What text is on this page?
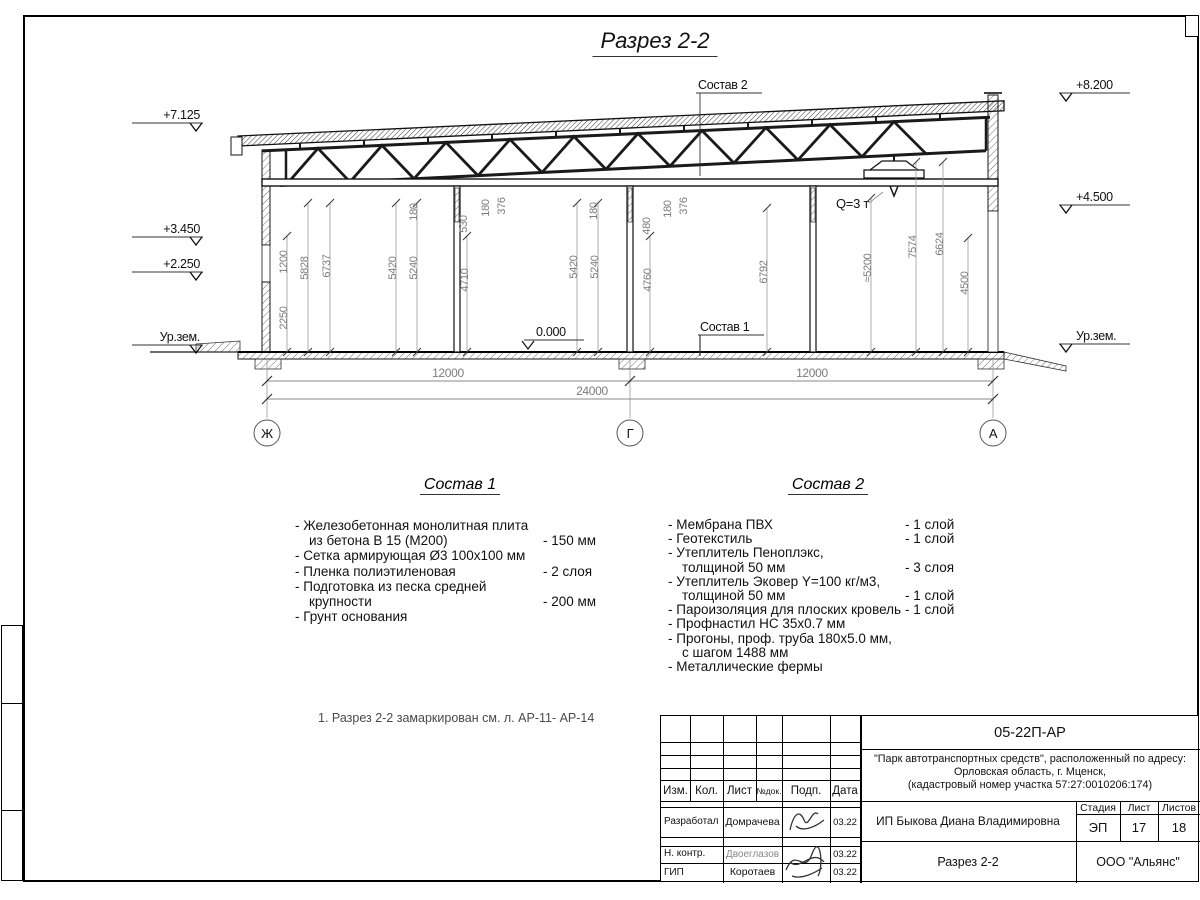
Разрез 2-2
Q=3 т
1200 5828 6737
2250
5420 5240
180
530
180 376
4710
5420 5240
180
480
180 376
4760	6792	≈5200
7574 6624
4500
12000	12000
24000
Ж	Г	А
+7.125
+3.450
+2.250
Ур.зем.
+8.200
+4.500
Ур.зем.
Состав 2
Состав 1
0.000
Состав 1
- Железобетонная монолитная плита
из бетона В 15 (М200)	- 150 мм
- Сетка армирующая Ø3 100х100 мм
- Пленка полиэтиленовая	- 2 слоя
- Подготовка из песка средней
крупности	- 200 мм
- Грунт основания
Состав 2
- Мембрана ПВХ	- 1 слой
- Геотекстиль	- 1 слой
- Утеплитель Пеноплэкс,
толщиной 50 мм	- 3 слоя
- Утеплитель Эковер Y=100 кг/м3,
толщиной 50 мм	- 1 слой
- Пароизоляция для плоских кровель - 1 слой
- Профнастил НС 35х0.7 мм
- Прогоны, проф. труба 180х5.0 мм,
с шагом 1488 мм
- Металлические фермы
1. Разрез 2-2 замаркирован см. л. АР-11- АР-14
Изм. Кол. Лист №док. Подп. Дата
Разработал Домрачева	03.22
Н. контр. Двоеглазов	03.22
ГИП	Коротаев	03.22
05-22П-АР
"Парк автотранспортных средств", расположенный по адресу:
Орловская область, г. Мценск,
(кадастровый номер участка 57:27:0010206:174)
ИП Быкова Диана Владимировна
Стадия	Лист	Листов
ЭП	17	18
Разрез 2-2	ООО "Альянс"
